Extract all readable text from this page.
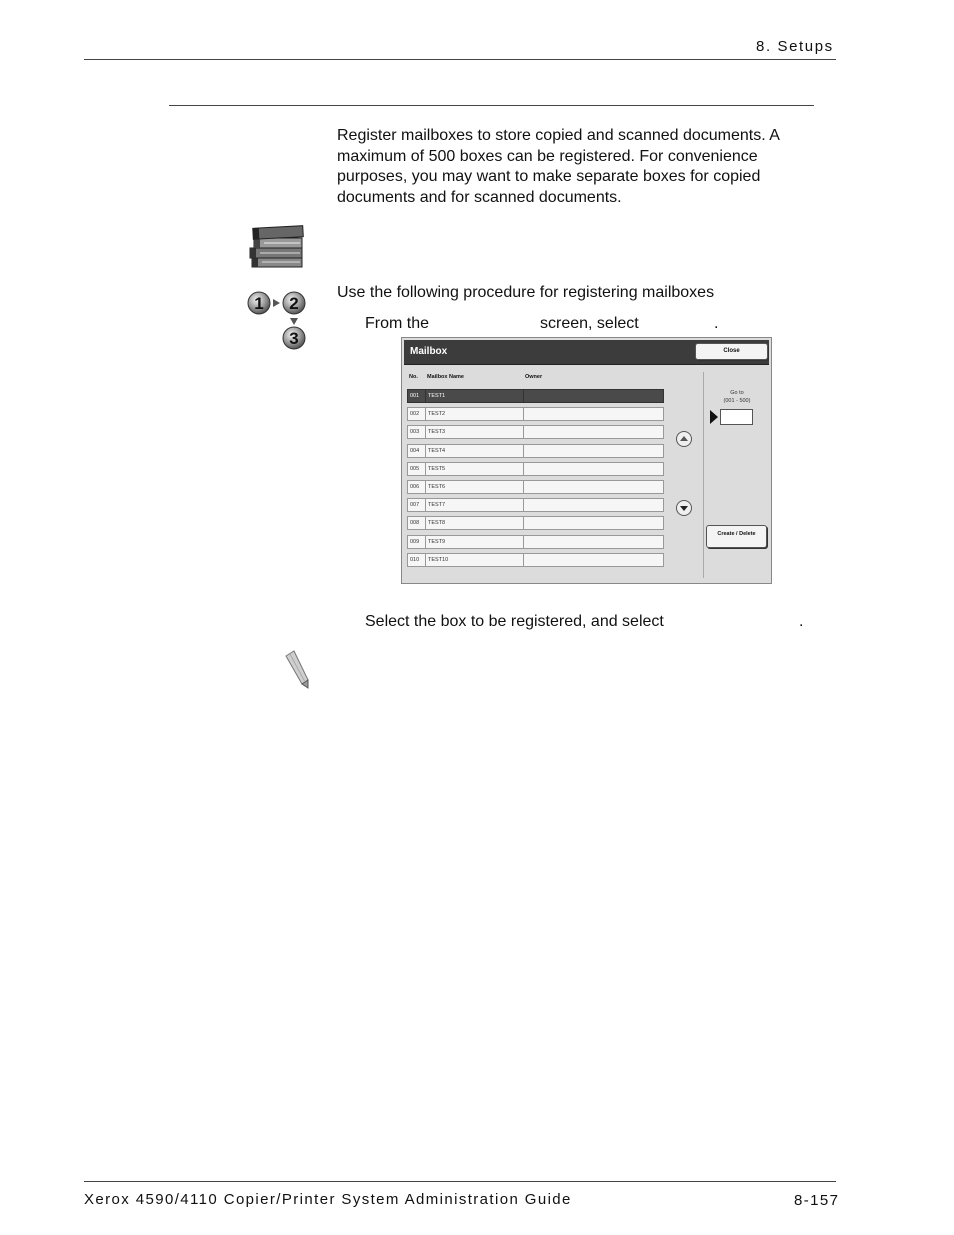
8. Setups
Register mailboxes to store copied and scanned documents. A
maximum of 500 boxes can be registered. For convenience
purposes, you may want to make separate boxes for copied
documents and for scanned documents.
1 2
3
Use the following procedure for registering mailboxes
From the	screen, select	.
Mailbox	Close
No. Mailbox Name	Owner
001	TEST1
002	TEST2
003	TEST3
004	TEST4
005	TEST5
006	TEST6
007	TEST7
008	TEST8
009	TEST9
010	TEST10
Go to
(001 - 500)
Create / Delete
Select the box to be registered, and select	.
Xerox 4590/4110 Copier/Printer System Administration Guide	8-157
